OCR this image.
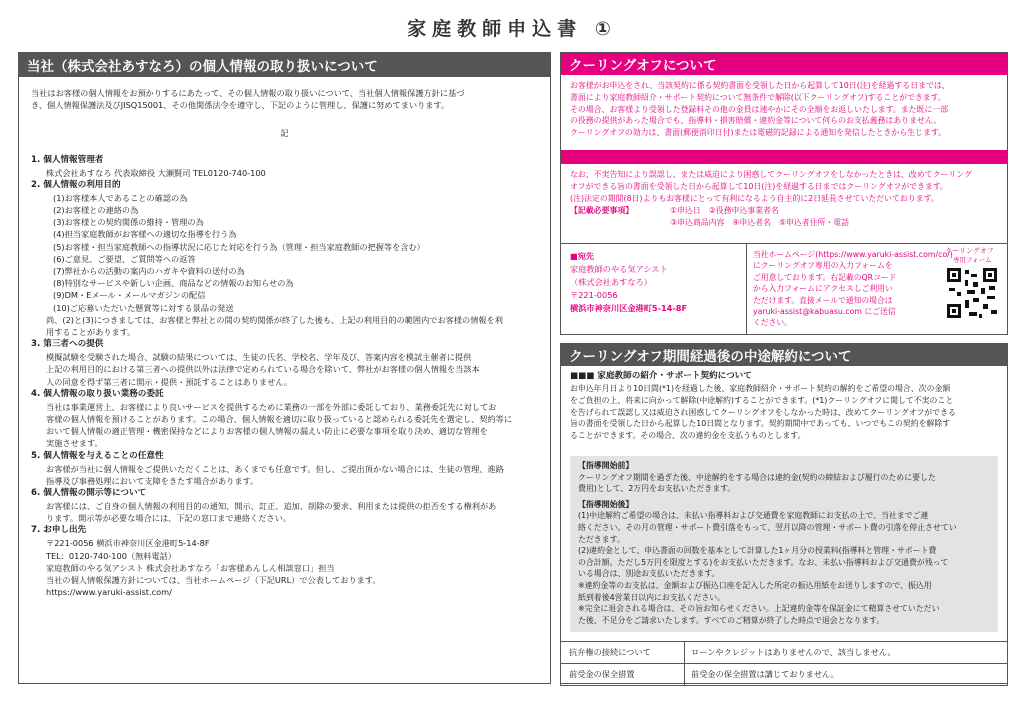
家庭教師申込書 ①
当社（株式会社あすなろ）の個人情報の取り扱いについて
当社はお客様の個人情報をお預かりするにあたって、その個人情報の取り扱いについて、当社個人情報保護方針に基づ
き、個人情報保護法及びJISQ15001、その他関係法令を遵守し、下記のように管理し、保護に努めてまいります。
記
1. 個人情報管理者
株式会社あすなろ 代表取締役 大瀬賢司 TEL0120-740-100
2. 個人情報の利用目的
(1)お客様本人であることの確認の為
(2)お客様との連絡の為
(3)お客様との契約関係の維持・管理の為
(4)担当家庭教師がお客様への適切な指導を行う為
(5)お客様・担当家庭教師への指導状況に応じた対応を行う為（管理・担当家庭教師の把握等を含む）
(6)ご意見、ご要望、ご質問等への返答
(7)弊社からの活動の案内のハガキや資料の送付の為
(8)特別なサービスや新しい企画、商品などの情報のお知らせの為
(9)DM・Eメール・メールマガジンの配信
(10)ご応募いただいた懸賞等に対する景品の発送
尚、(2)と(3)につきましては、お客様と弊社との間の契約関係が終了した後も、上記の利用目的の範囲内でお客様の情報を利
用することがあります。
3. 第三者への提供
模擬試験を受験された場合、試験の結果については、生徒の氏名、学校名、学年及び、答案内容を模試主催者に提供
上記の利用目的における第三者への提供以外は法律で定められている場合を除いて、弊社がお客様の個人情報を当該本
人の同意を得ず第三者に開示・提供・預託することはありません。
4. 個人情報の取り扱い業務の委託
当社は事業運営上、お客様により良いサービスを提供するために業務の一部を外部に委託しており、業務委託先に対してお
客様の個人情報を預けることがあります。この場合、個人情報を適切に取り扱っていると認められる委託先を選定し、契約等に
おいて個人情報の適正管理・機密保持などによりお客様の個人情報の漏えい防止に必要な事項を取り決め、適切な管理を
実施させます。
5. 個人情報を与えることの任意性
お客様が当社に個人情報をご提供いただくことは、あくまでも任意です。但し、ご提出頂かない場合には、生徒の管理、進路
指導及び事務処理において支障をきたす場合があります。
6. 個人情報の開示等について
お客様には、ご自身の個人情報の利用目的の通知、開示、訂正、追加、削除の要求、利用または提供の拒否をする権利があ
ります。開示等が必要な場合には、下記の窓口まで連絡ください。
7. お申し出先
〒221-0056 横浜市神奈川区金港町5-14-8F
TEL：0120-740-100（無料電話）
家庭教師のやる気アシスト 株式会社あすなろ「お客様あんしん相談窓口」担当
当社の個人情報保護方針については、当社ホームページ（下記URL）で公表しております。
https://www.yaruki-assist.com/
クーリングオフについて
お客様がお申込をされ、当該契約に係る契約書面を受領した日から起算して10日(注)を経過する日までは、
書面により家庭教師紹介・サポート契約について無条件で解除(以下クーリングオフ)することができます。
その場合、お客様より受領した登録料その他の金員は速やかにその全額をお返しいたします。また既に一部
の役務の提供があった場合でも、指導料・損害賠償・違約金等について何らのお支払義務はありません。
クーリングオフの効力は、書面(郵便消印日付)または電磁的記録による通知を発信したときから生じます。
なお、不実告知により誤認し、または威迫により困惑してクーリングオフをしなかったときは、改めてクーリング
オフができる旨の書面を受領した日から起算して10日(注)を経過する日まではクーリングオフができます。
(注)法定の期間(8日)よりもお客様にとって有利になるよう自主的に2日延長させていただいております。
【記載必要事項】	①申込日　②役務申込事業者名
③申込商品内容　④申込者名　⑤申込者住所・電話
■宛先
家庭教師のやる気アシスト
（株式会社あすなろ）
〒221-0056
横浜市神奈川区金港町5-14-8F
当社ホームページ(https://www.yaruki-assist.com/co/)
にクーリングオフ専用の入力フォームを
ご用意しております。右記載のQRコード
から入力フォームにアクセスしご利用い
ただけます。直接メールで通知の場合は
yaruki-assist@kabuasu.com にご送信
ください。
クーリングオフ
専用フォーム
クーリングオフ期間経過後の中途解約について
■■■ 家庭教師の紹介・サポート契約について
お申込年月日より10日間(*1)を経過した後、家庭教師紹介・サポート契約の解約をご希望の場合、次の金額
をご負担の上、将来に向かって解除(中途解約)することができます。(*1)クーリングオフに関して不実のこと
を告げられて誤認し又は威迫され困惑してクーリングオフをしなかった時は、改めてクーリングオフができる
旨の書面を受領した日から起算した10日間となります。契約期間中であっても、いつでもこの契約を解除す
ることができます。その場合、次の違約金を支払うものとします。
【指導開始前】
クーリングオフ期間を過ぎた後、中途解約をする場合は違約金(契約の締結および履行のために要した
費用)として、2万円をお支払いただきます。
【指導開始後】
(1)中途解約ご希望の場合は、未払い指導料および交通費を家庭教師にお支払の上で、当社までご連
絡ください。その月の管理・サポート費引落をもって、翌月以降の管理・サポート費の引落を停止させてい
ただきます。
(2)違約金として、申込書面の回数を基本として計算した1ヶ月分の授業料(指導料と管理・サポート費
の合計額。ただし5万円を限度とする)をお支払いただきます。なお、未払い指導料および交通費が残って
いる場合は、別途お支払いただきます。
※違約金等のお支払は、金額および振込口座を記入した所定の振込用紙をお送りしますので、振込用
紙到着後4営業日以内にお支払ください。
※完全に退会される場合は、その旨お知らせください。上記違約金等を保証金にて精算させていただい
た後、不足分をご請求いたします。すべてのご精算が終了した時点で退会となります。
抗弁権の接続について	ローンやクレジットはありませんので、該当しません。
前受金の保全措置	前受金の保全措置は講じておりません。
